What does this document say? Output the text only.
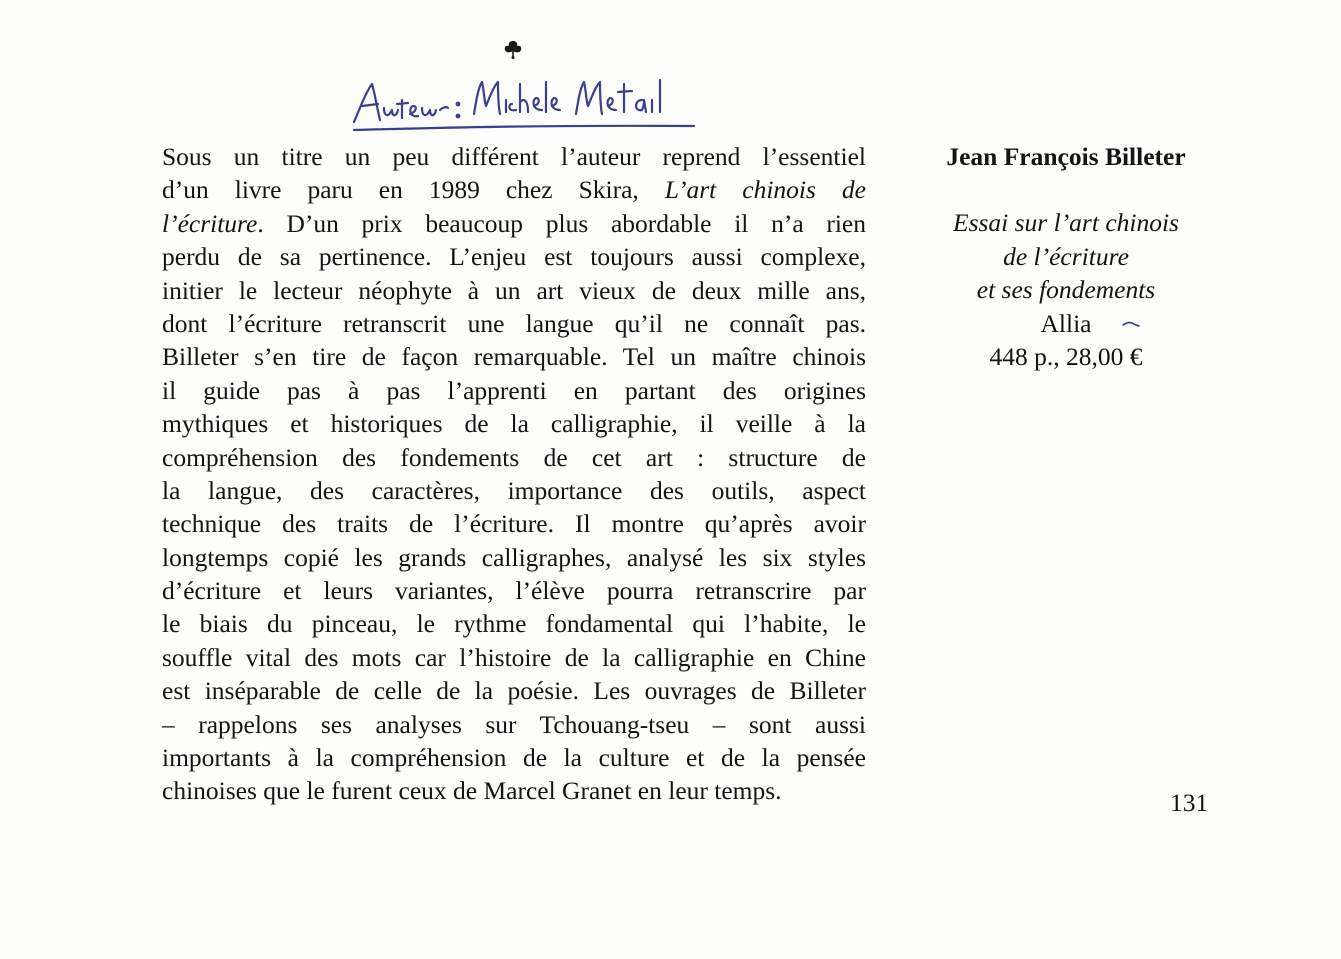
Sous un titre un peu différent l’auteur reprend l’essentiel
d’un livre paru en 1989 chez Skira, L’art chinois de
l’écriture. D’un prix beaucoup plus abordable il n’a rien
perdu de sa pertinence. L’enjeu est toujours aussi complexe,
initier le lecteur néophyte à un art vieux de deux mille ans,
dont l’écriture retranscrit une langue qu’il ne connaît pas.
Billeter s’en tire de façon remarquable. Tel un maître chinois
il guide pas à pas l’apprenti en partant des origines
mythiques et historiques de la calligraphie, il veille à la
compréhension des fondements de cet art : structure de
la langue, des caractères, importance des outils, aspect
technique des traits de l’écriture. Il montre qu’après avoir
longtemps copié les grands calligraphes, analysé les six styles
d’écriture et leurs variantes, l’élève pourra retranscrire par
le biais du pinceau, le rythme fondamental qui l’habite, le
souffle vital des mots car l’histoire de la calligraphie en Chine
est inséparable de celle de la poésie. Les ouvrages de Billeter
– rappelons ses analyses sur Tchouang-tseu – sont aussi
importants à la compréhension de la culture et de la pensée
chinoises que le furent ceux de Marcel Granet en leur temps.
Jean François Billeter
Essai sur l’art chinois
de l’écriture
et ses fondements
Allia
448 p., 28,00 €
131
